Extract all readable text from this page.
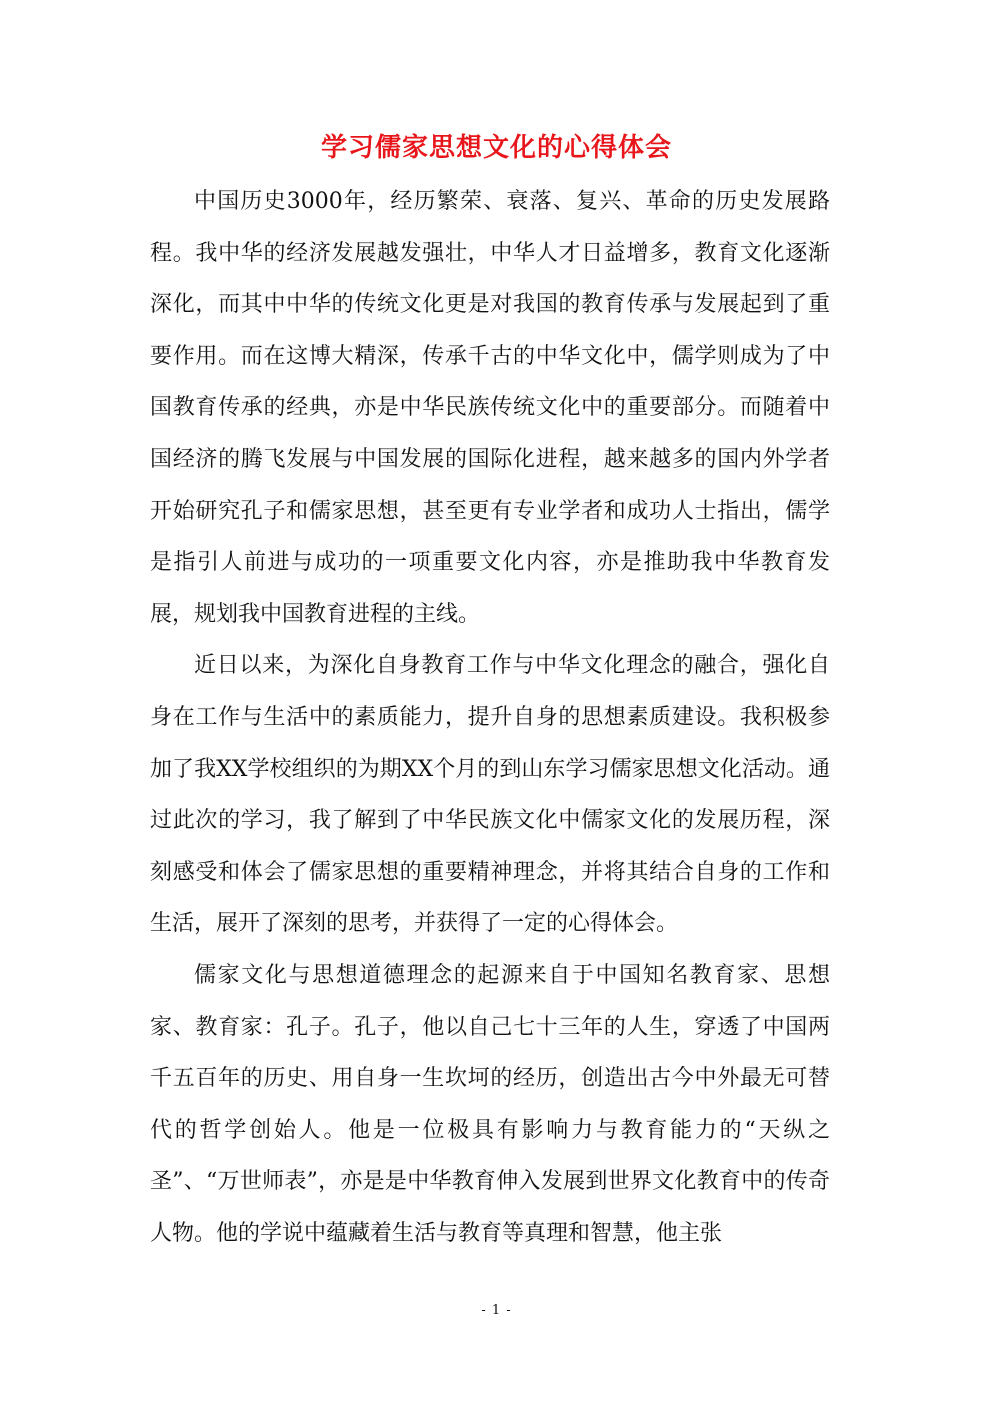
学习儒家思想文化的心得体会

中国历史3000年，经历繁荣、衰落、复兴、革命的历史发展路程。我中华的经济发展越发强壮，中华人才日益增多，教育文化逐渐深化，而其中中华的传统文化更是对我国的教育传承与发展起到了重要作用。而在这博大精深，传承千古的中华文化中，儒学则成为了中国教育传承的经典，亦是中华民族传统文化中的重要部分。而随着中国经济的腾飞发展与中国发展的国际化进程，越来越多的国内外学者开始研究孔子和儒家思想，甚至更有专业学者和成功人士指出，儒学是指引人前进与成功的一项重要文化内容，亦是推助我中华教育发展，规划我中国教育进程的主线。

近日以来，为深化自身教育工作与中华文化理念的融合，强化自身在工作与生活中的素质能力，提升自身的思想素质建设。我积极参加了我XX学校组织的为期XX个月的到山东学习儒家思想文化活动。通过此次的学习，我了解到了中华民族文化中儒家文化的发展历程，深刻感受和体会了儒家思想的重要精神理念，并将其结合自身的工作和生活，展开了深刻的思考，并获得了一定的心得体会。

儒家文化与思想道德理念的起源来自于中国知名教育家、思想家、教育家：孔子。孔子，他以自己七十三年的人生，穿透了中国两千五百年的历史、用自身一生坎坷的经历，创造出古今中外最无可替代的哲学创始人。他是一位极具有影响力与教育能力的“天纵之圣”、“万世师表”，亦是是中华教育伸入发展到世界文化教育中的传奇人物。他的学说中蕴藏着生活与教育等真理和智慧，他主张

- 1 -
